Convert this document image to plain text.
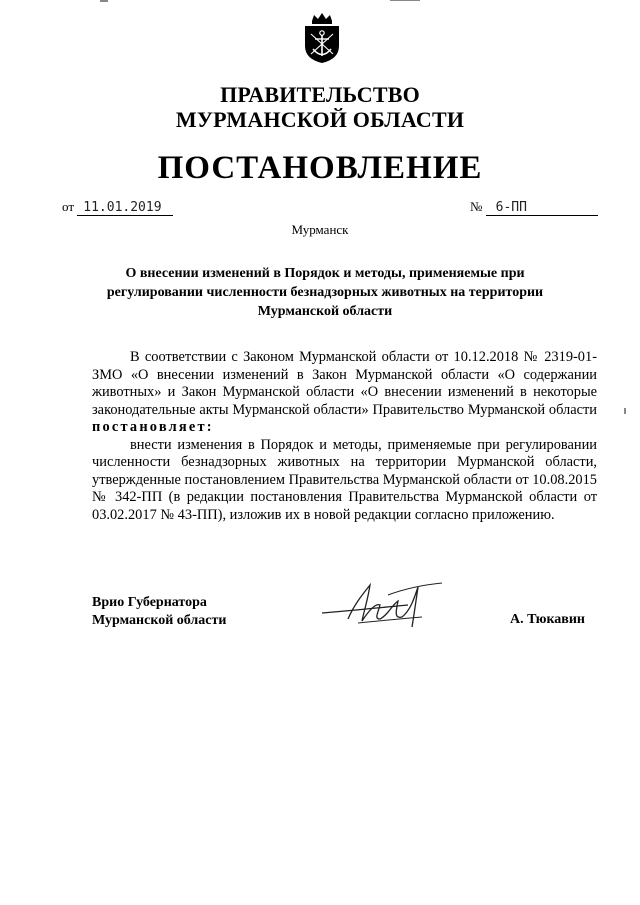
ПРАВИТЕЛЬСТВО
МУРМАНСКОЙ ОБЛАСТИ
ПОСТАНОВЛЕНИЕ
от 11.01.2019	№ 6-ПП
Мурманск
О внесении изменений в Порядок и методы, применяемые при регулировании численности безнадзорных животных на территории Мурманской области

В соответствии с Законом Мурманской области от 10.12.2018 № 2319-01-ЗМО «О внесении изменений в Закон Мурманской области «О содержании животных» и Закон Мурманской области «О внесении изменений в некоторые законодательные акты Мурманской области» Правительство Мурманской области постановляет:

внести изменения в Порядок и методы, применяемые при регулировании численности безнадзорных животных на территории Мурманской области, утвержденные постановлением Правительства Мурманской области от 10.08.2015 № 342-ПП (в редакции постановления Правительства Мурманской области от 03.02.2017 № 43-ПП), изложив их в новой редакции согласно приложению.

Врио Губернатора
Мурманской области	А. Тюкавин
